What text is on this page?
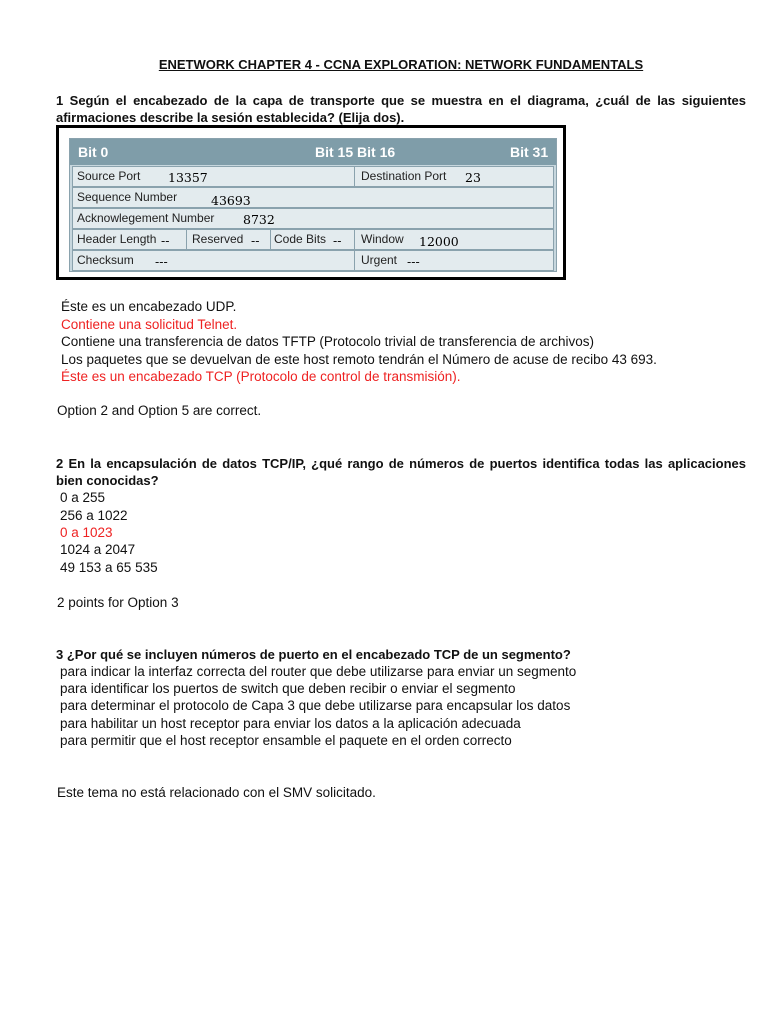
ENETWORK CHAPTER 4 - CCNA EXPLORATION: NETWORK FUNDAMENTALS
1 Según el encabezado de la capa de transporte que se muestra en el diagrama, ¿cuál de las siguientes afirmaciones describe la sesión establecida? (Elija dos).
Bit 0	Bit 15 Bit 16	Bit 31
Source Port 13357	Destination Port 23
Sequence Number	43693
Acknowlegement Number 8732
Header Length -- Reserved -- Code Bits -- Window 12000
Checksum ---	Urgent ---
Éste es un encabezado UDP.
Contiene una solicitud Telnet.
Contiene una transferencia de datos TFTP (Protocolo trivial de transferencia de archivos)
Los paquetes que se devuelvan de este host remoto tendrán el Número de acuse de recibo 43 693.
Éste es un encabezado TCP (Protocolo de control de transmisión).
Option 2 and Option 5 are correct.
2 En la encapsulación de datos TCP/IP, ¿qué rango de números de puertos identifica todas las aplicaciones bien conocidas?
0 a 255
256 a 1022
0 a 1023
1024 a 2047
49 153 a 65 535
2 points for Option 3
3 ¿Por qué se incluyen números de puerto en el encabezado TCP de un segmento?
para indicar la interfaz correcta del router que debe utilizarse para enviar un segmento
para identificar los puertos de switch que deben recibir o enviar el segmento
para determinar el protocolo de Capa 3 que debe utilizarse para encapsular los datos
para habilitar un host receptor para enviar los datos a la aplicación adecuada
para permitir que el host receptor ensamble el paquete en el orden correcto
Este tema no está relacionado con el SMV solicitado.
